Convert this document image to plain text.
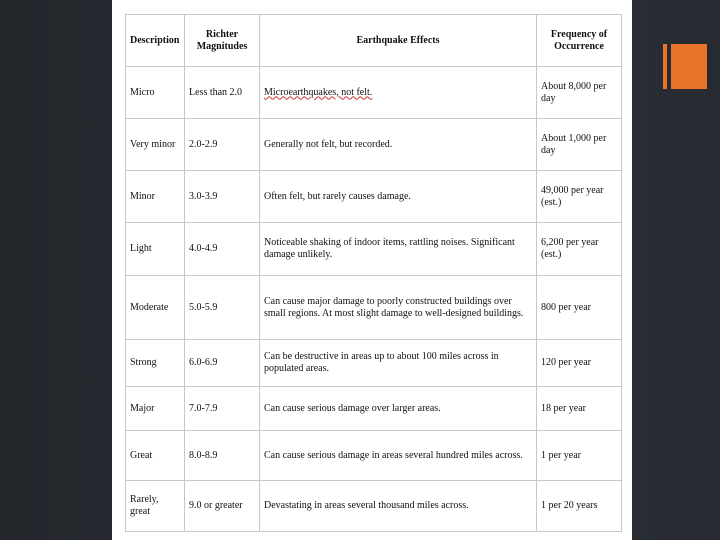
Description	Richter Magnitudes	Earthquake Effects	Frequency of Occurrence
Micro	Less than 2.0	Microearthquakes, not felt.	About 8,000 per day
Very minor	2.0-2.9	Generally not felt, but recorded.	About 1,000 per day
Minor	3.0-3.9	Often felt, but rarely causes damage.	49,000 per year (est.)
Light	4.0-4.9	Noticeable shaking of indoor items, rattling noises. Significant damage unlikely.	6,200 per year (est.)
Moderate	5.0-5.9	Can cause major damage to poorly constructed buildings over small regions. At most slight damage to well-designed buildings.	800 per year
Strong	6.0-6.9	Can be destructive in areas up to about 100 miles across in populated areas.	120 per year
Major	7.0-7.9	Can cause serious damage over larger areas.	18 per year
Great	8.0-8.9	Can cause serious damage in areas several hundred miles across.	1 per year
Rarely, great	9.0 or greater	Devastating in areas several thousand miles across.	1 per 20 years
